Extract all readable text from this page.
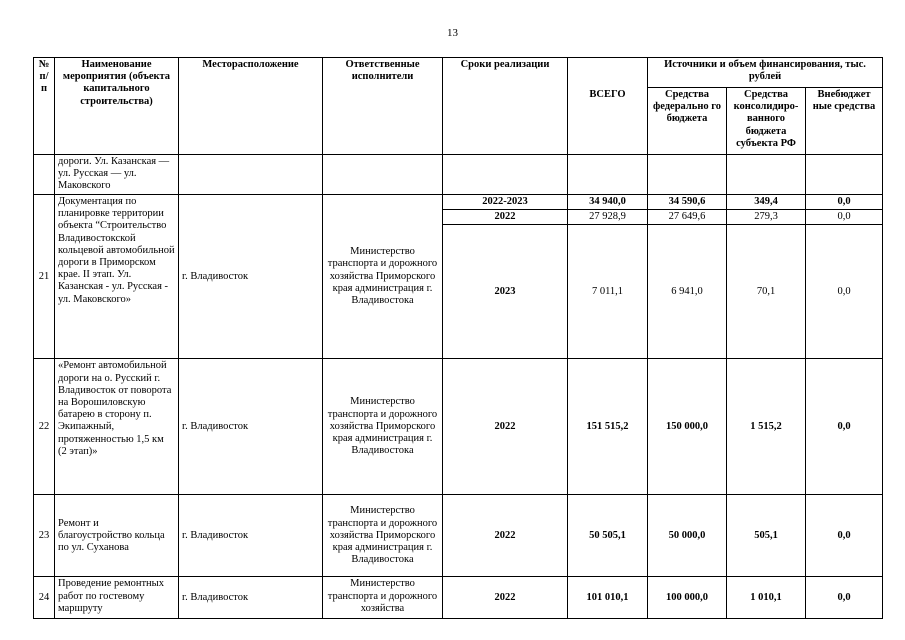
13
№ п/п	Наименование мероприятия (объекта капитального строительства)	Месторасположение	Ответственные исполнители	Сроки реализации		Источники и объем финансирования, тыс. рублей		
					ВСЕГО	Средства федерально го бюджета	Средства консолидиро-ванного бюджета субъекта РФ	Внебюджет ные средства
	дороги. Ул. Казанская — ул. Русская — ул. Маковского							
21	Документация по планировке территории объекта “Строительство Владивостокской кольцевой автомобильной дороги в Приморском крае. II этап. Ул. Казанская - ул. Русская - ул. Маковского»	г. Владивосток	Министерство транспорта и дорожного хозяйства Приморского края администрация г. Владивостока	2022-2023	34 940,0	34 590,6	349,4	0,0
				2022	27 928,9	27 649,6	279,3	0,0
				2023	7 011,1	6 941,0	70,1	0,0
22	«Ремонт автомобильной дороги на о. Русский г. Владивосток от поворота на Ворошиловскую батарею в сторону п. Экипажный, протяженностью 1,5 км (2 этап)»	г. Владивосток	Министерство транспорта и дорожного хозяйства Приморского края администрация г. Владивостока	2022	151 515,2	150 000,0	1 515,2	0,0
23	Ремонт и благоустройство кольца по ул. Суханова	г. Владивосток	Министерство транспорта и дорожного хозяйства Приморского края администрация г. Владивостока	2022	50 505,1	50 000,0	505,1	0,0
24	Проведение ремонтных работ по гостевому маршруту	г. Владивосток	Министерство транспорта и дорожного хозяйства	2022	101 010,1	100 000,0	1 010,1	0,0
